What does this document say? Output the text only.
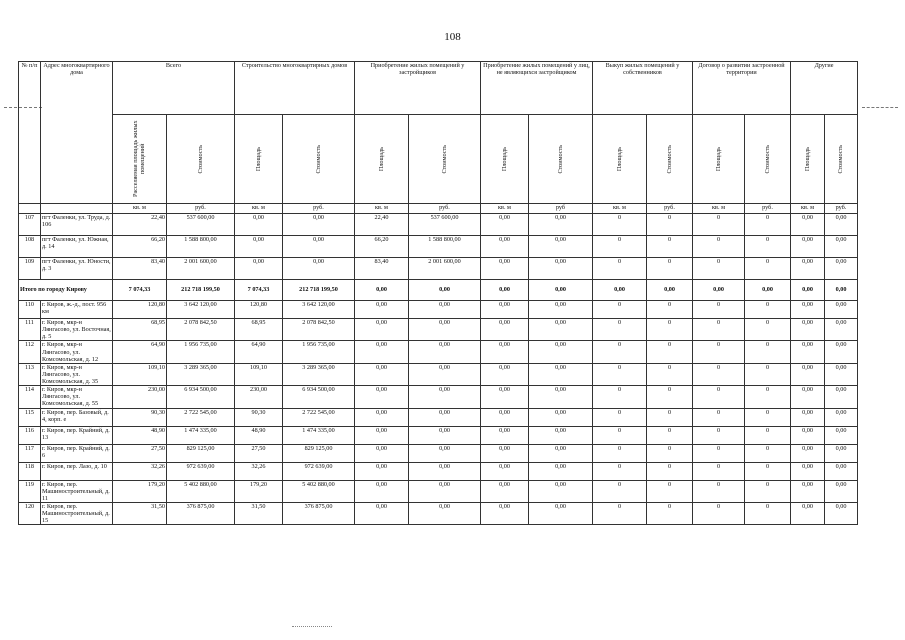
108
№ п/п	Адрес многоквартирного дома	Всего		Строительство многоквартирных домов		Приобретение жилых помещений у застройщиков		Приобретение жилых помещений у лиц, не являющихся застройщиком		Выкуп жилых помещений у собственников		Договор о развитии застроенной территории		Другие	

		Расселяемая площадь жилых помещений	Стоимость	Площадь	Стоимость	Площадь	Стоимость	Площадь	Стоимость	Площадь	Стоимость	Площадь	Стоимость	Площадь	Стоимость

		кв. м	руб.	кв. м	руб.	кв. м	руб.	кв. м	руб	кв. м	руб.	кв. м	руб.	кв. м	руб.
107	пгт Фаленки, ул. Труда, д. 106	22,40	537 600,00	0,00	0,00	22,40	537 600,00	0,00	0,00	0	0	0	0	0,00	0,00
108	пгт Фаленки, ул. Южная, д. 14	66,20	1 588 800,00	0,00	0,00	66,20	1 588 800,00	0,00	0,00	0	0	0	0	0,00	0,00
109	пгт Фаленки, ул. Юности, д. 3	83,40	2 001 600,00	0,00	0,00	83,40	2 001 600,00	0,00	0,00	0	0	0	0	0,00	0,00
Итого по городу Кирову		7 074,33	212 718 199,50	7 074,33	212 718 199,50	0,00	0,00	0,00	0,00	0,00	0,00	0,00	0,00	0,00	0,00
110	г. Киров, ж.-д., пост. 956 км	120,80	3 642 120,00	120,80	3 642 120,00	0,00	0,00	0,00	0,00	0	0	0	0	0,00	0,00
111	г. Киров, мкр-н Лянгасово, ул. Восточная, д. 5	68,95	2 078 842,50	68,95	2 078 842,50	0,00	0,00	0,00	0,00	0	0	0	0	0,00	0,00
112	г. Киров, мкр-н Лянгасово, ул. Комсомольская, д. 12	64,90	1 956 735,00	64,90	1 956 735,00	0,00	0,00	0,00	0,00	0	0	0	0	0,00	0,00
113	г. Киров, мкр-н Лянгасово, ул. Комсомольская, д. 35	109,10	3 289 365,00	109,10	3 289 365,00	0,00	0,00	0,00	0,00	0	0	0	0	0,00	0,00
114	г. Киров, мкр-н Лянгасово, ул. Комсомольская, д. 55	230,00	6 934 500,00	230,00	6 934 500,00	0,00	0,00	0,00	0,00	0	0	0	0	0,00	0,00
115	г. Киров, пер. Базовый, д. 4, корп. е	90,30	2 722 545,00	90,30	2 722 545,00	0,00	0,00	0,00	0,00	0	0	0	0	0,00	0,00
116	г. Киров, пер. Крайний, д. 13	48,90	1 474 335,00	48,90	1 474 335,00	0,00	0,00	0,00	0,00	0	0	0	0	0,00	0,00
117	г. Киров, пер. Крайний, д. 6	27,50	829 125,00	27,50	829 125,00	0,00	0,00	0,00	0,00	0	0	0	0	0,00	0,00
118	г. Киров, пер. Лазо, д. 10	32,26	972 639,00	32,26	972 639,00	0,00	0,00	0,00	0,00	0	0	0	0	0,00	0,00
119	г. Киров, пер. Машиностроительный, д. 11	179,20	5 402 880,00	179,20	5 402 880,00	0,00	0,00	0,00	0,00	0	0	0	0	0,00	0,00
120	г. Киров, пер. Машиностроительный, д. 15	31,50	376 875,00	31,50	376 875,00	0,00	0,00	0,00	0,00	0	0	0	0	0,00	0,00
